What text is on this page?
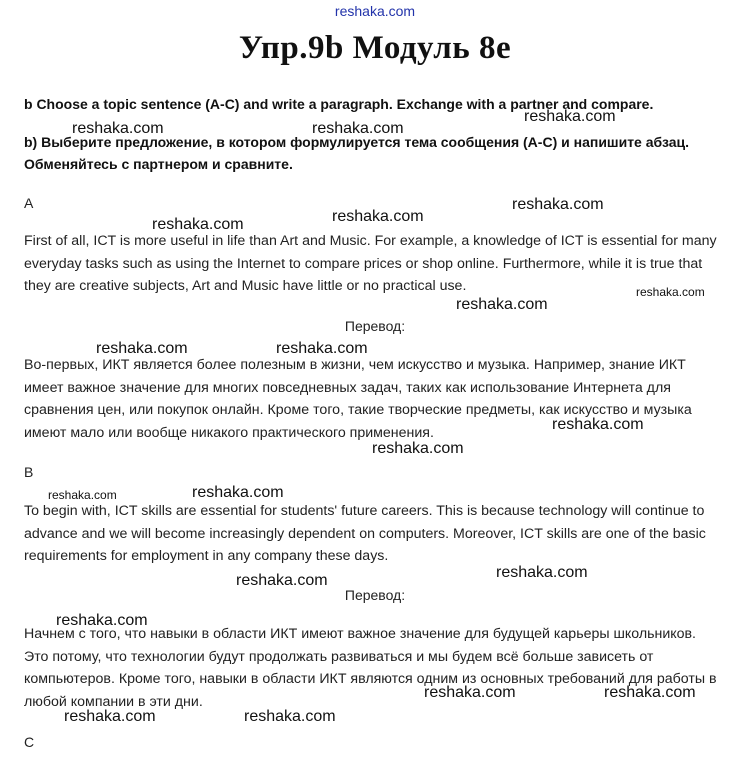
reshaka.com
Упр.9b Модуль 8е
b Choose a topic sentence (A-C) and write a paragraph. Exchange with a partner and compare.
b) Выберите предложение, в котором формулируется тема сообщения (A-C) и напишите абзац. Обменяйтесь с партнером и сравните.
A
First of all, ICT is more useful in life than Art and Music. For example, a knowledge of ICT is essential for many everyday tasks such as using the Internet to compare prices or shop online. Furthermore, while it is true that they are creative subjects, Art and Music have little or no practical use.
Перевод:
Во-первых, ИКТ является более полезным в жизни, чем искусство и музыка. Например, знание ИКТ имеет важное значение для многих повседневных задач, таких как использование Интернета для сравнения цен, или покупок онлайн. Кроме того, такие творческие предметы, как искусство и музыка имеют мало или вообще никакого практического применения.
B
To begin with, ICT skills are essential for students' future careers. This is because technology will continue to advance and we will become increasingly dependent on computers. Moreover, ICT skills are one of the basic requirements for employment in any company these days.
Перевод:
Начнем с того, что навыки в области ИКТ имеют важное значение для будущей карьеры школьников. Это потому, что технологии будут продолжать развиваться и мы будем всё больше зависеть от компьютеров. Кроме того, навыки в области ИКТ являются одним из основных требований для работы в любой компании в эти дни.
C
reshaka.com	reshaka.com
reshaka.com
reshaka.com	reshaka.com
reshaka.com
reshaka.com
reshaka.com
reshaka.com	reshaka.com
reshaka.com
reshaka.com
reshaka.com	reshaka.com
reshaka.com
reshaka.com
reshaka.com
reshaka.com	reshaka.com
reshaka.com	reshaka.com
